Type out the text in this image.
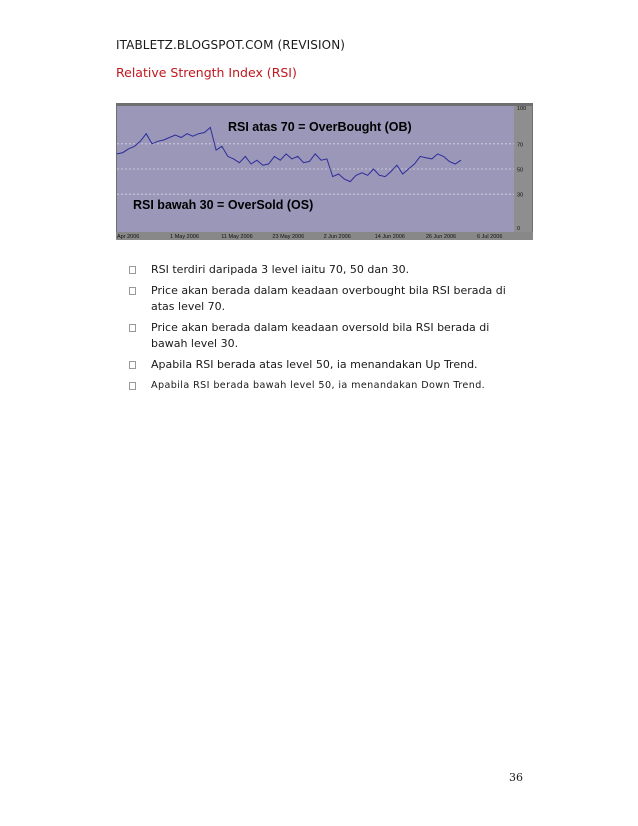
ITABLETZ.BLOGSPOT.COM (REVISION)
Relative Strength Index (RSI)
100
70
50
30
0
Apr 2006	1 May 2006	11 May 2006	23 May 2006	2 Jun 2006	14 Jun 2006	26 Jun 2006	6 Jul 2006
RSI atas 70 = OverBought (OB)
RSI bawah 30 = OverSold (OS)
RSI terdiri daripada 3 level iaitu 70, 50 dan 30.
Price akan berada dalam keadaan overbought bila RSI berada di atas level 70.
Price akan berada dalam keadaan oversold bila RSI berada di bawah level 30.
Apabila RSI berada atas level 50, ia menandakan Up Trend.
Apabila RSI berada bawah level 50, ia menandakan Down Trend.
36
